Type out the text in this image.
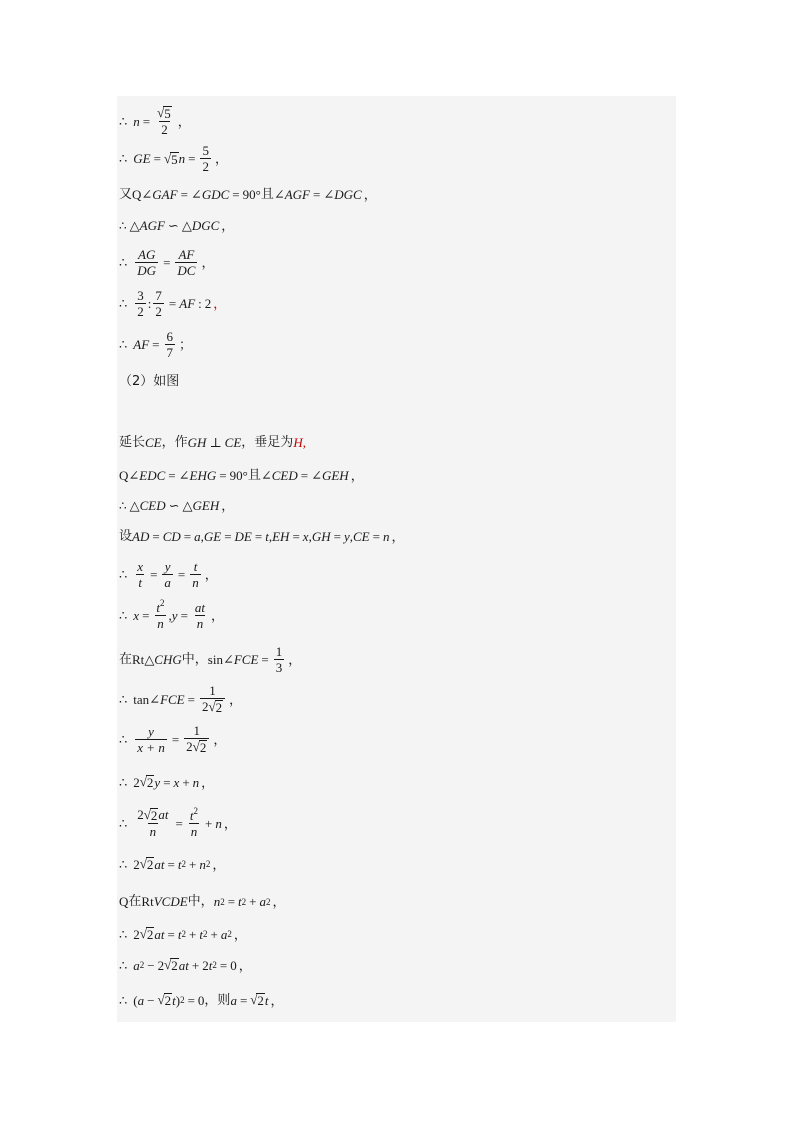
∴ $n = \frac{√ 5}{2}$ ，
∴ GE = √ 5 $n = \frac{5}{2}$ ，
又 Q ∠GAF = ∠GDC = 90° 且 ∠AGF = ∠DGC ，
∴ △AGF ∽ △DGC ，
∴ $\frac{AG}{DG} = \frac{AF}{DC}$ ，
∴ $\frac{3}{2}$ : $\frac{7}{2}$ = AF : 2 ，
∴ AF = $\frac{6}{7}$ ；
（2）如图
延长 CE ，作 GH ⊥ CE ，垂足为 H ,
Q ∠EDC = ∠EHG = 90° 且 ∠CED = ∠GEH ，
∴ △CED ∽ △GEH ，
设 AD = CD = a , GE = DE = t , EH = x , GH = y , CE = n ，
∴ $\frac{x}{t} = \frac{y}{a} = \frac{t}{n}$ ，
∴ $x = \frac{t^2}{n}$ , $y = \frac{at}{n}$ ，
在 Rt △CHG 中 ， sin ∠FCE = $\frac{1}{3}$ ，
∴ tan ∠FCE = $\frac{1}{2 √ 2}$ ，
∴ $\frac{y}{x + n} = \frac{1}{2 √ 2}$ ，
∴ 2 √ 2 y = x + n ，
∴ $\frac{2 √ 2 at}{n} = \frac{t^2}{n} + n$ ，
∴ 2 √ 2 at = t 2 + n 2 ，
Q 在 Rt VCDE 中 ， n 2 = t 2 + a 2 ，
∴ 2 √ 2 at = t 2 + t 2 + a 2 ，
∴ a 2 − 2 √ 2 at + 2 t 2 = 0 ，
∴ ( a − √ 2 t ) 2 = 0 ，则 a = √ 2 t ，
